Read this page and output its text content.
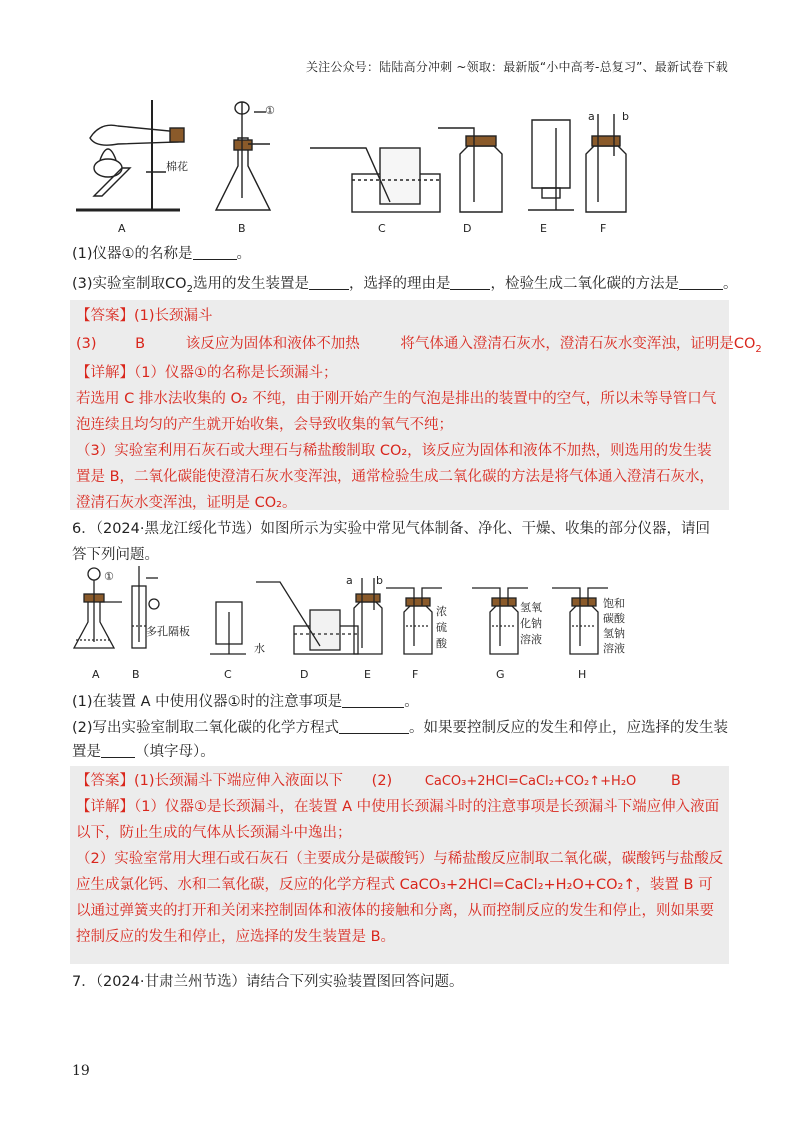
关注公众号：陆陆高分冲刺 ~领取：最新版“小中高考-总复习”、最新试卷下载
A	B	C	D	E	F
①
棉花
a b
(1)仪器①的名称是	。
(3)实验室制取$CO_2$选用的发生装置是	，选择的理由是	，检验生成二氧化碳的方法是	。
【答案】(1)长颈漏斗
(3)	B	该反应为固体和液体不加热	将气体通入澄清石灰水，澄清石灰水变浑浊，证明是$CO_2$
【详解】（1）仪器①的名称是长颈漏斗；
若选用 C 排水法收集的 O₂ 不纯，由于刚开始产生的气泡是排出的装置中的空气，所以未等导管口气泡连续且均匀的产生就开始收集，会导致收集的氧气不纯；
（3）实验室利用石灰石或大理石与稀盐酸制取 CO₂，该反应为固体和液体不加热，则选用的发生装置是 B，二氧化碳能使澄清石灰水变浑浊，通常检验生成二氧化碳的方法是将气体通入澄清石灰水，澄清石灰水变浑浊，证明是 CO₂。
6．（2024·黑龙江绥化节选）如图所示为实验中常见气体制备、净化、干燥、收集的部分仪器，请回答下列问题。
A	B	C	D	E	F	G	H
①
多孔隔板
水
a b
浓硫酸
氢氧化钠溶液
饱和碳酸氢钠溶液
(1)在装置 A 中使用仪器①时的注意事项是	。
(2)写出实验室制取二氧化碳的化学方程式	。如果要控制反应的发生和停止，应选择的发生装
置是 （填字母）。
【答案】(1)长颈漏斗下端应伸入液面以下 (2)	CaCO₃+2HCl=CaCl₂+CO₂↑+H₂O B
【详解】（1）仪器①是长颈漏斗，在装置 A 中使用长颈漏斗时的注意事项是长颈漏斗下端应伸入液面以下，防止生成的气体从长颈漏斗中逸出；
（2）实验室常用大理石或石灰石（主要成分是碳酸钙）与稀盐酸反应制取二氧化碳，碳酸钙与盐酸反应生成氯化钙、水和二氧化碳，反应的化学方程式 CaCO₃+2HCl=CaCl₂+H₂O+CO₂↑，装置 B 可以通过弹簧夹的打开和关闭来控制固体和液体的接触和分离，从而控制反应的发生和停止，则如果要控制反应的发生和停止，应选择的发生装置是 B。
7．（2024·甘肃兰州节选）请结合下列实验装置图回答问题。
19
